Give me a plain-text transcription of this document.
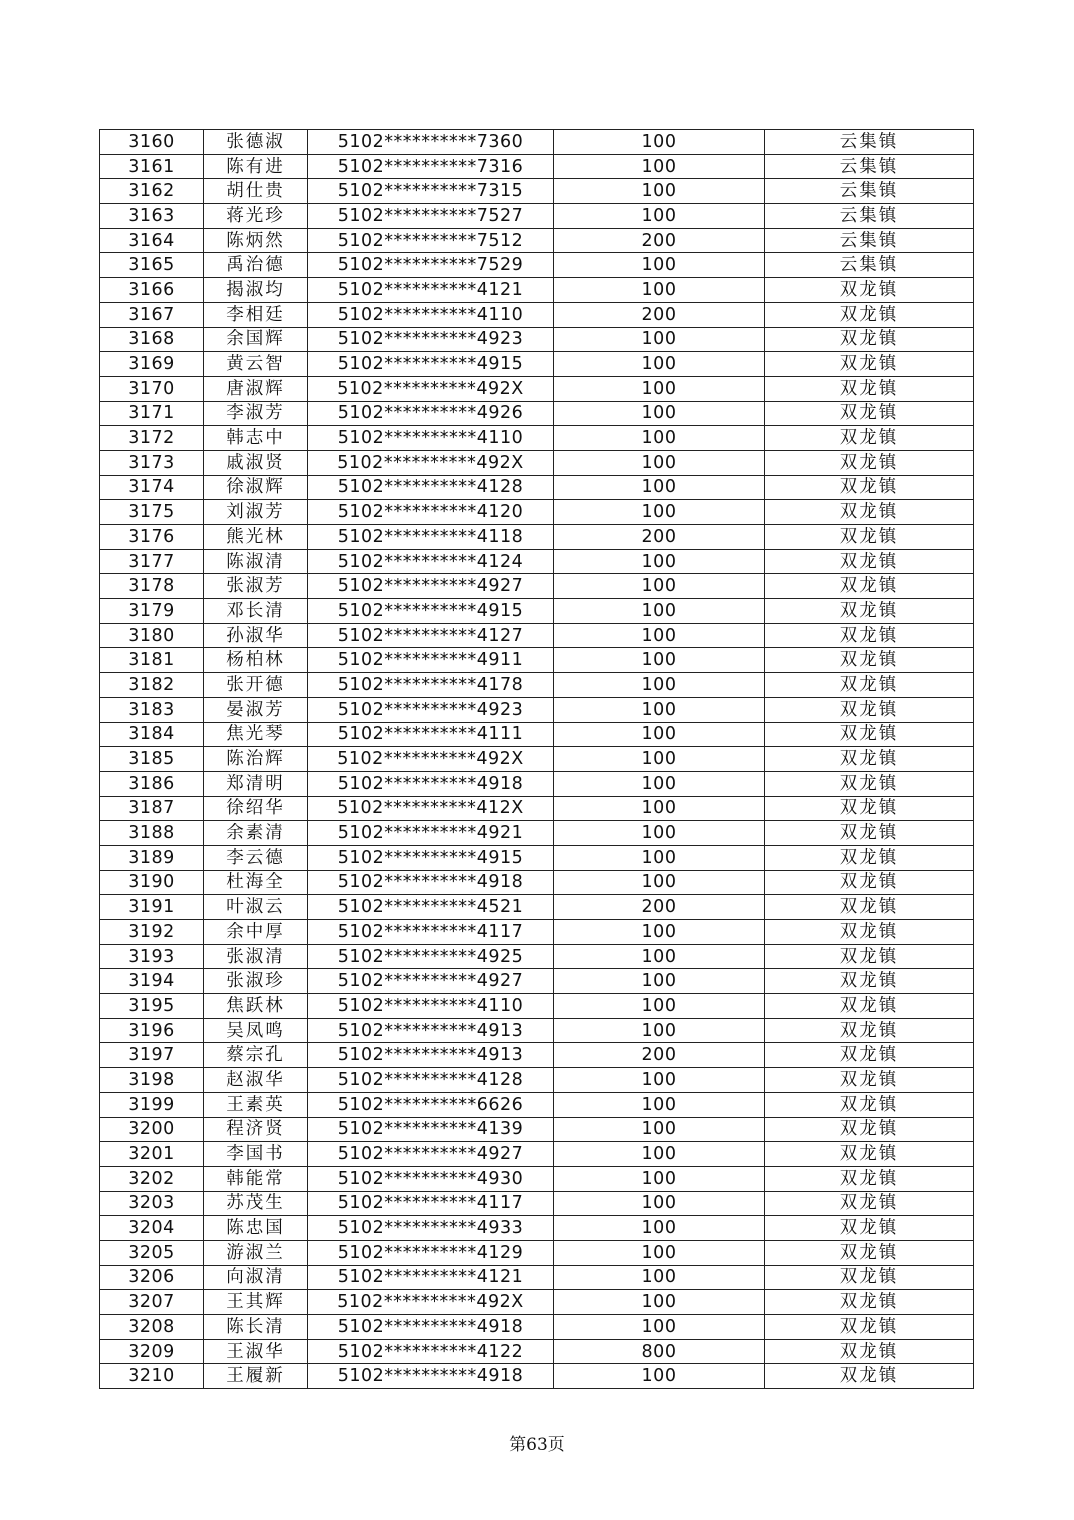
3160	张德淑	5102**********7360	100	云集镇
3161	陈有进	5102**********7316	100	云集镇
3162	胡仕贵	5102**********7315	100	云集镇
3163	蒋光珍	5102**********7527	100	云集镇
3164	陈炳然	5102**********7512	200	云集镇
3165	禹治德	5102**********7529	100	云集镇
3166	揭淑均	5102**********4121	100	双龙镇
3167	李相廷	5102**********4110	200	双龙镇
3168	余国辉	5102**********4923	100	双龙镇
3169	黄云智	5102**********4915	100	双龙镇
3170	唐淑辉	5102**********492X	100	双龙镇
3171	李淑芳	5102**********4926	100	双龙镇
3172	韩志中	5102**********4110	100	双龙镇
3173	戚淑贤	5102**********492X	100	双龙镇
3174	徐淑辉	5102**********4128	100	双龙镇
3175	刘淑芳	5102**********4120	100	双龙镇
3176	熊光林	5102**********4118	200	双龙镇
3177	陈淑清	5102**********4124	100	双龙镇
3178	张淑芳	5102**********4927	100	双龙镇
3179	邓长清	5102**********4915	100	双龙镇
3180	孙淑华	5102**********4127	100	双龙镇
3181	杨柏林	5102**********4911	100	双龙镇
3182	张开德	5102**********4178	100	双龙镇
3183	晏淑芳	5102**********4923	100	双龙镇
3184	焦光琴	5102**********4111	100	双龙镇
3185	陈治辉	5102**********492X	100	双龙镇
3186	郑清明	5102**********4918	100	双龙镇
3187	徐绍华	5102**********412X	100	双龙镇
3188	余素清	5102**********4921	100	双龙镇
3189	李云德	5102**********4915	100	双龙镇
3190	杜海全	5102**********4918	100	双龙镇
3191	叶淑云	5102**********4521	200	双龙镇
3192	余中厚	5102**********4117	100	双龙镇
3193	张淑清	5102**********4925	100	双龙镇
3194	张淑珍	5102**********4927	100	双龙镇
3195	焦跃林	5102**********4110	100	双龙镇
3196	吴凤鸣	5102**********4913	100	双龙镇
3197	蔡宗孔	5102**********4913	200	双龙镇
3198	赵淑华	5102**********4128	100	双龙镇
3199	王素英	5102**********6626	100	双龙镇
3200	程济贤	5102**********4139	100	双龙镇
3201	李国书	5102**********4927	100	双龙镇
3202	韩能常	5102**********4930	100	双龙镇
3203	苏茂生	5102**********4117	100	双龙镇
3204	陈忠国	5102**********4933	100	双龙镇
3205	游淑兰	5102**********4129	100	双龙镇
3206	向淑清	5102**********4121	100	双龙镇
3207	王其辉	5102**********492X	100	双龙镇
3208	陈长清	5102**********4918	100	双龙镇
3209	王淑华	5102**********4122	800	双龙镇
3210	王履新	5102**********4918	100	双龙镇
第63页
